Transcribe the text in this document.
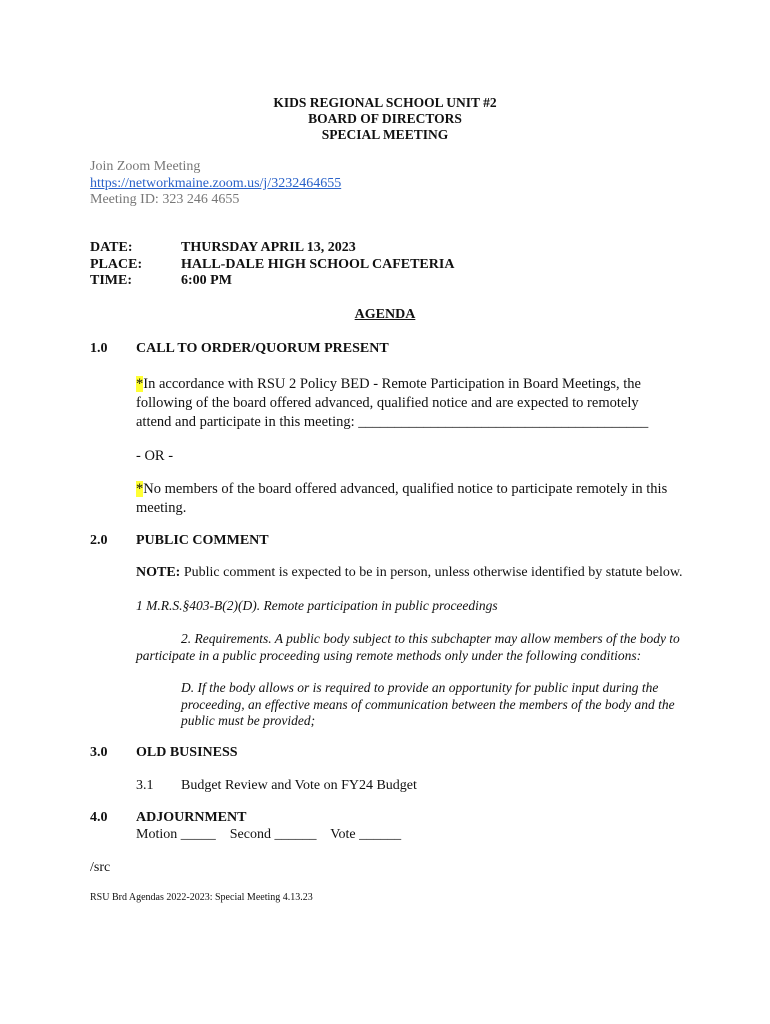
KIDS REGIONAL SCHOOL UNIT #2
BOARD OF DIRECTORS
SPECIAL MEETING
Join Zoom Meeting
https://networkmaine.zoom.us/j/3232464655
Meeting ID: 323 246 4655
DATE:	THURSDAY APRIL 13, 2023
PLACE:	HALL-DALE HIGH SCHOOL CAFETERIA
TIME:	6:00 PM
AGENDA
1.0 CALL TO ORDER/QUORUM PRESENT
*In accordance with RSU 2 Policy BED - Remote Participation in Board Meetings, the following of the board offered advanced, qualified notice and are expected to remotely attend and participate in this meeting: ________________________________________
- OR -
*No members of the board offered advanced, qualified notice to participate remotely in this meeting.
2.0 PUBLIC COMMENT
NOTE: Public comment is expected to be in person, unless otherwise identified by statute below.
1 M.R.S.§403-B(2)(D). Remote participation in public proceedings
2. Requirements. A public body subject to this subchapter may allow members of the body to participate in a public proceeding using remote methods only under the following conditions:
D. If the body allows or is required to provide an opportunity for public input during the proceeding, an effective means of communication between the members of the body and the public must be provided;
3.0 OLD BUSINESS
3.1 Budget Review and Vote on FY24 Budget
4.0 ADJOURNMENT
Motion _____    Second ______    Vote ______
/src
RSU Brd Agendas 2022-2023: Special Meeting 4.13.23
